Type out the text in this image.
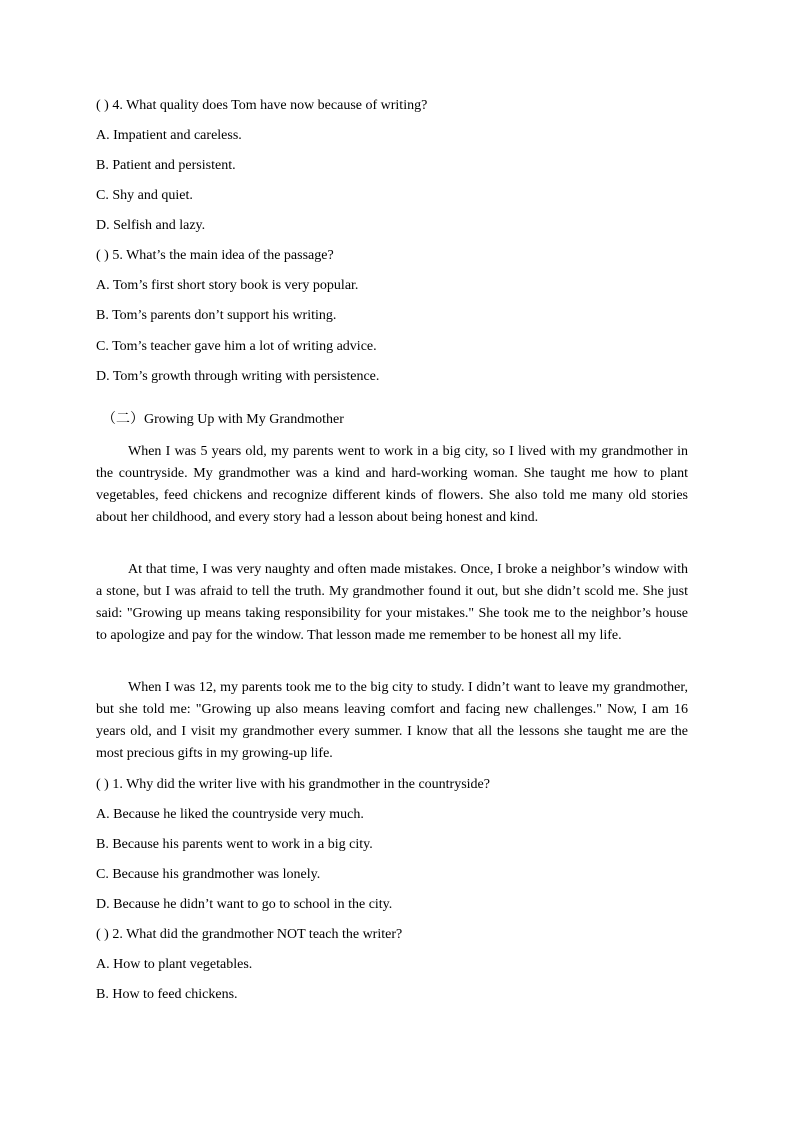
( ) 4. What quality does Tom have now because of writing?
A. Impatient and careless.
B. Patient and persistent.
C. Shy and quiet.
D. Selfish and lazy.
( ) 5. What’s the main idea of the passage?
A. Tom’s first short story book is very popular.
B. Tom’s parents don’t support his writing.
C. Tom’s teacher gave him a lot of writing advice.
D. Tom’s growth through writing with persistence.
（二）Growing Up with My Grandmother

When I was 5 years old, my parents went to work in a big city, so I lived with my grandmother in the countryside. My grandmother was a kind and hard-working woman. She taught me how to plant vegetables, feed chickens and recognize different kinds of flowers. She also told me many old stories about her childhood, and every story had a lesson about being honest and kind.

At that time, I was very naughty and often made mistakes. Once, I broke a neighbor’s window with a stone, but I was afraid to tell the truth. My grandmother found it out, but she didn’t scold me. She just said: "Growing up means taking responsibility for your mistakes." She took me to the neighbor’s house to apologize and pay for the window. That lesson made me remember to be honest all my life.

When I was 12, my parents took me to the big city to study. I didn’t want to leave my grandmother, but she told me: "Growing up also means leaving comfort and facing new challenges." Now, I am 16 years old, and I visit my grandmother every summer. I know that all the lessons she taught me are the most precious gifts in my growing-up life.

( ) 1. Why did the writer live with his grandmother in the countryside?
A. Because he liked the countryside very much.
B. Because his parents went to work in a big city.
C. Because his grandmother was lonely.
D. Because he didn’t want to go to school in the city.
( ) 2. What did the grandmother NOT teach the writer?
A. How to plant vegetables.
B. How to feed chickens.
